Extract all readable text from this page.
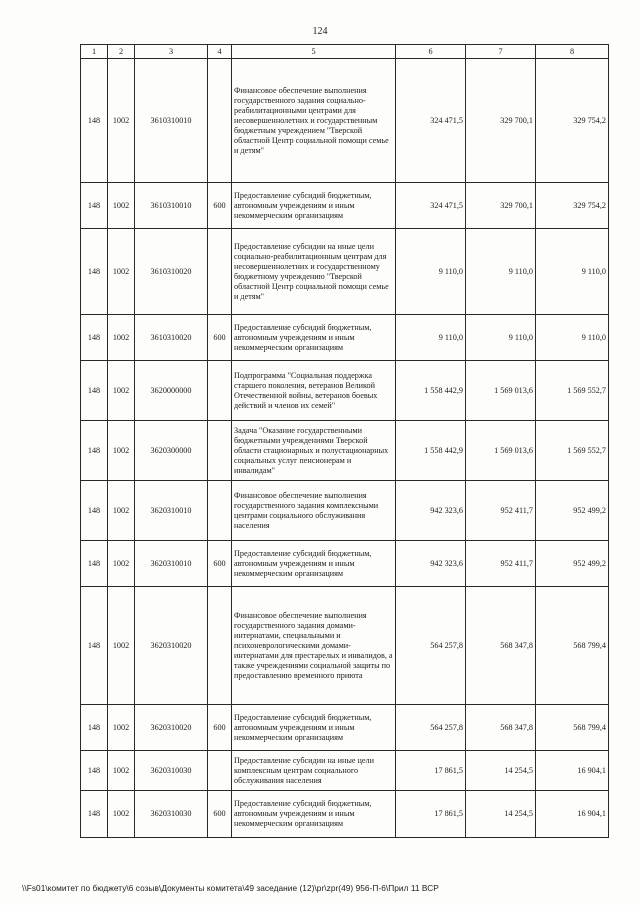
124
1	2	3	4	5	6	7	8
148	1002	3610310010		Финансовое обеспечение выполнения государственного задания социально-реабилитационными центрами для несовершеннолетних и государственным бюджетным учреждением "Тверской областной Центр социальной помощи семье и детям"	324 471,5	329 700,1	329 754,2
148	1002	3610310010	600	Предоставление субсидий бюджетным, автономным учреждениям и иным некоммерческим организациям	324 471,5	329 700,1	329 754,2
148	1002	3610310020		Предоставление субсидии на иные цели социально-реабилитационным центрам для несовершеннолетних и государственному бюджетному учреждению "Тверской областной Центр социальной помощи семье и детям"	9 110,0	9 110,0	9 110,0
148	1002	3610310020	600	Предоставление субсидий бюджетным, автономным учреждениям и иным некоммерческим организациям	9 110,0	9 110,0	9 110,0
148	1002	3620000000		Подпрограмма "Социальная поддержка старшего поколения, ветеранов Великой Отечественной войны, ветеранов боевых действий и членов их семей"	1 558 442,9	1 569 013,6	1 569 552,7
148	1002	3620300000		Задача "Оказание государственными бюджетными учреждениями Тверской области стационарных и полустационарных социальных услуг пенсионерам и инвалидам"	1 558 442,9	1 569 013,6	1 569 552,7
148	1002	3620310010		Финансовое обеспечение выполнения государственного задания комплексными центрами социального обслуживания населения	942 323,6	952 411,7	952 499,2
148	1002	3620310010	600	Предоставление субсидий бюджетным, автономным учреждениям и иным некоммерческим организациям	942 323,6	952 411,7	952 499,2
148	1002	3620310020		Финансовое обеспечение выполнения государственного задания домами-интернатами, специальными и психоневрологическими домами-интернатами для престарелых и инвалидов, а также учреждениями социальной защиты по предоставлению временного приюта	564 257,8	568 347,8	568 799,4
148	1002	3620310020	600	Предоставление субсидий бюджетным, автономным учреждениям и иным некоммерческим организациям	564 257,8	568 347,8	568 799,4
148	1002	3620310030		Предоставление субсидии на иные цели комплексным центрам социального обслуживания населения	17 861,5	14 254,5	16 904,1
148	1002	3620310030	600	Предоставление субсидий бюджетным, автономным учреждениям и иным некоммерческим организациям	17 861,5	14 254,5	16 904,1
\\Fs01\комитет по бюджету\6 созыв\Документы комитета\49 заседание (12)\pr\zpr(49) 956-П-6\Прил 11 ВСР
